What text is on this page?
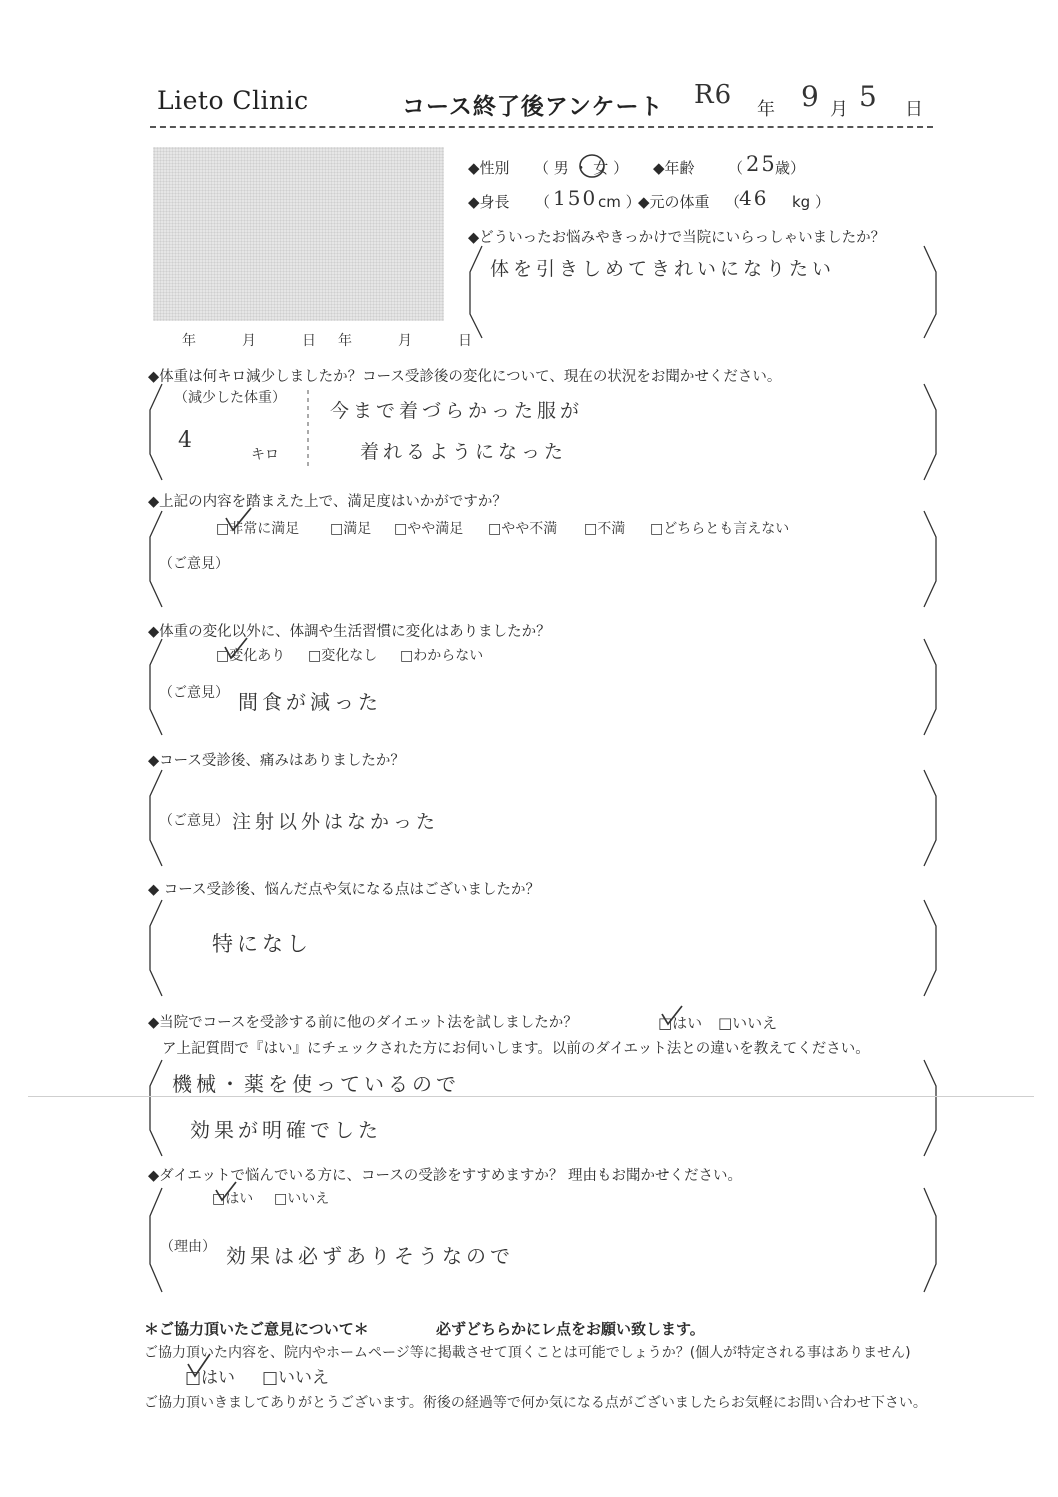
Lieto Clinic	コース終了後アンケート R6 年 9 月 5 日
年　　月　　日 年　　月　　日
◆性別 （ 男 ・ 女 ） ◆年齢 （ 25
歳）
◆身長 （ 150 cm ）
◆元の体重 （
46 kg ）
◆どういったお悩みやきっかけで当院にいらっしゃいましたか？
体を引きしめてきれいになりたい
◆体重は何キロ減少しましたか？コース受診後の変化について、現在の状況をお聞かせください。
（減少した体重）
4
キロ
今まで着づらかった服が
着れるようになった
◆上記の内容を踏まえた上で、満足度はいかがですか？
□非常に満足 □満足 □やや満足 □やや不満 □不満 □どちらとも言えない
（ご意見）
◆体重の変化以外に、体調や生活習慣に変化はありましたか？
□変化あり □変化なし □わからない
（ご意見） 間食が減った
◆コース受診後、痛みはありましたか？
（ご意見） 注射以外はなかった
◆ コース受診後、悩んだ点や気になる点はございましたか？
特になし
◆当院でコースを受診する前に他のダイエット法を試しましたか？	□はい □いいえ
ア上記質問で『はい』にチェックされた方にお伺いします。以前のダイエット法との違いを教えてください。
機械・薬を使っているので
効果が明確でした
◆ダイエットで悩んでいる方に、コースの受診をすすめますか？ 理由もお聞かせください。
□はい □いいえ
（理由） 効果は必ずありそうなので
＊ご協力頂いたご意見について＊	必ずどちらかにレ点をお願い致します。
ご協力頂いた内容を、院内やホームページ等に掲載させて頂くことは可能でしょうか？(個人が特定される事はありません)
□はい □いいえ
ご協力頂いきましてありがとうございます。術後の経過等で何か気になる点がございましたらお気軽にお問い合わせ下さい。
